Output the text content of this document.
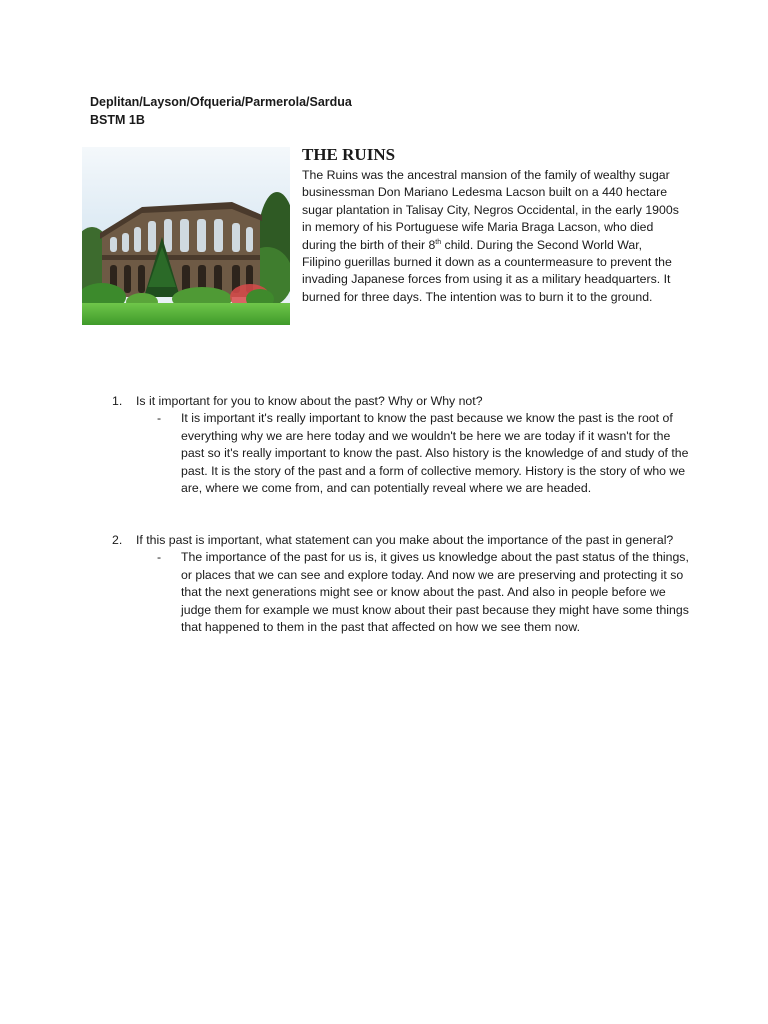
Deplitan/Layson/Ofqueria/Parmerola/Sardua
BSTM 1B
THE RUINS

The Ruins was the ancestral mansion of the family of wealthy sugar businessman Don Mariano Ledesma Lacson built on a 440 hectare sugar plantation in Talisay City, Negros Occidental, in the early 1900s in memory of his Portuguese wife Maria Braga Lacson, who died during the birth of their 8th child. During the Second World War, Filipino guerillas burned it down as a countermeasure to prevent the invading Japanese forces from using it as a military headquarters. It burned for three days. The intention was to burn it to the ground.

1.	Is it important for you to know about the past? Why or Why not?
-	It is important it's really important to know the past because we know the past is the root of everything why we are here today and we wouldn't be here we are today if it wasn't for the past so it's really important to know the past. Also history is the knowledge of and study of the past. It is the story of the past and a form of collective memory. History is the story of who we are, where we come from, and can potentially reveal where we are headed.
2.	If this past is important, what statement can you make about the importance of the past in general?
-	The importance of the past for us is, it gives us knowledge about the past status of the things, or places that we can see and explore today. And now we are preserving and protecting it so that the next generations might see or know about the past. And also in people before we judge them for example we must know about their past because they might have some things that happened to them in the past that affected on how we see them now.
